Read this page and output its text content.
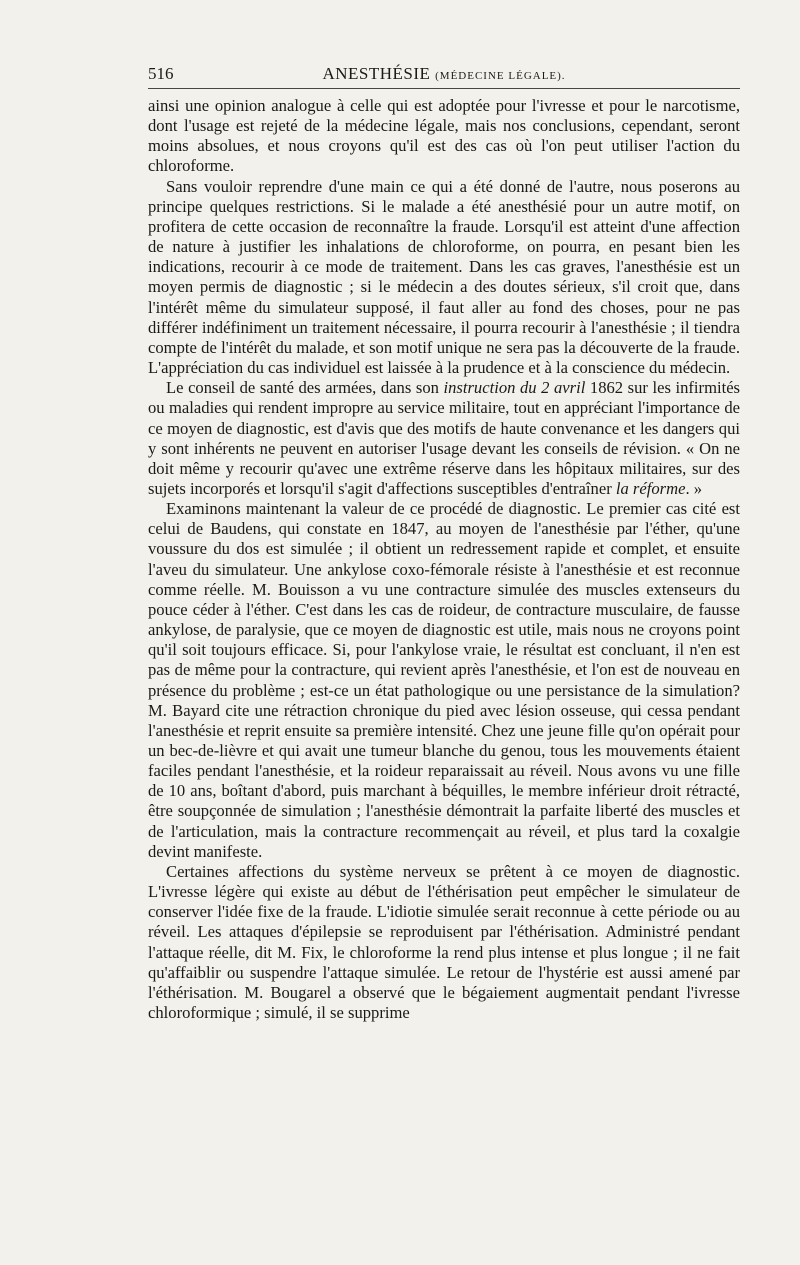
516	ANESTHÉSIE (MÉDECINE LÉGALE).

ainsi une opinion analogue à celle qui est adoptée pour l'ivresse et pour le narcotisme, dont l'usage est rejeté de la médecine légale, mais nos conclusions, cependant, seront moins absolues, et nous croyons qu'il est des cas où l'on peut utiliser l'action du chloroforme.

Sans vouloir reprendre d'une main ce qui a été donné de l'autre, nous poserons au principe quelques restrictions. Si le malade a été anesthésié pour un autre motif, on profitera de cette occasion de reconnaître la fraude. Lorsqu'il est atteint d'une affection de nature à justifier les inhalations de chloroforme, on pourra, en pesant bien les indications, recourir à ce mode de traitement. Dans les cas graves, l'anesthésie est un moyen permis de diagnostic ; si le médecin a des doutes sérieux, s'il croit que, dans l'intérêt même du simulateur supposé, il faut aller au fond des choses, pour ne pas différer indéfiniment un traitement nécessaire, il pourra recourir à l'anesthésie ; il tiendra compte de l'intérêt du malade, et son motif unique ne sera pas la découverte de la fraude. L'appréciation du cas individuel est laissée à la prudence et à la conscience du médecin.

Le conseil de santé des armées, dans son instruction du 2 avril 1862 sur les infirmités ou maladies qui rendent impropre au service militaire, tout en appréciant l'importance de ce moyen de diagnostic, est d'avis que des motifs de haute convenance et les dangers qui y sont inhérents ne peuvent en autoriser l'usage devant les conseils de révision. « On ne doit même y recourir qu'avec une extrême réserve dans les hôpitaux militaires, sur des sujets incorporés et lorsqu'il s'agit d'affections susceptibles d'entraîner la réforme. »

Examinons maintenant la valeur de ce procédé de diagnostic. Le premier cas cité est celui de Baudens, qui constate en 1847, au moyen de l'anesthésie par l'éther, qu'une voussure du dos est simulée ; il obtient un redressement rapide et complet, et ensuite l'aveu du simulateur. Une ankylose coxo-fémorale résiste à l'anesthésie et est reconnue comme réelle. M. Bouisson a vu une contracture simulée des muscles extenseurs du pouce céder à l'éther. C'est dans les cas de roideur, de contracture musculaire, de fausse ankylose, de paralysie, que ce moyen de diagnostic est utile, mais nous ne croyons point qu'il soit toujours efficace. Si, pour l'ankylose vraie, le résultat est concluant, il n'en est pas de même pour la contracture, qui revient après l'anesthésie, et l'on est de nouveau en présence du problème ; est-ce un état pathologique ou une persistance de la simulation? M. Bayard cite une rétraction chronique du pied avec lésion osseuse, qui cessa pendant l'anesthésie et reprit ensuite sa première intensité. Chez une jeune fille qu'on opérait pour un bec-de-lièvre et qui avait une tumeur blanche du genou, tous les mouvements étaient faciles pendant l'anesthésie, et la roideur reparaissait au réveil. Nous avons vu une fille de 10 ans, boîtant d'abord, puis marchant à béquilles, le membre inférieur droit rétracté, être soupçonnée de simulation ; l'anesthésie démontrait la parfaite liberté des muscles et de l'articulation, mais la contracture recommençait au réveil, et plus tard la coxalgie devint manifeste.

Certaines affections du système nerveux se prêtent à ce moyen de diagnostic. L'ivresse légère qui existe au début de l'éthérisation peut empêcher le simulateur de conserver l'idée fixe de la fraude. L'idiotie simulée serait reconnue à cette période ou au réveil. Les attaques d'épilepsie se reproduisent par l'éthérisation. Administré pendant l'attaque réelle, dit M. Fix, le chloroforme la rend plus intense et plus longue ; il ne fait qu'affaiblir ou suspendre l'attaque simulée. Le retour de l'hystérie est aussi amené par l'éthérisation. M. Bougarel a observé que le bégaiement augmentait pendant l'ivresse chloroformique ; simulé, il se supprime
